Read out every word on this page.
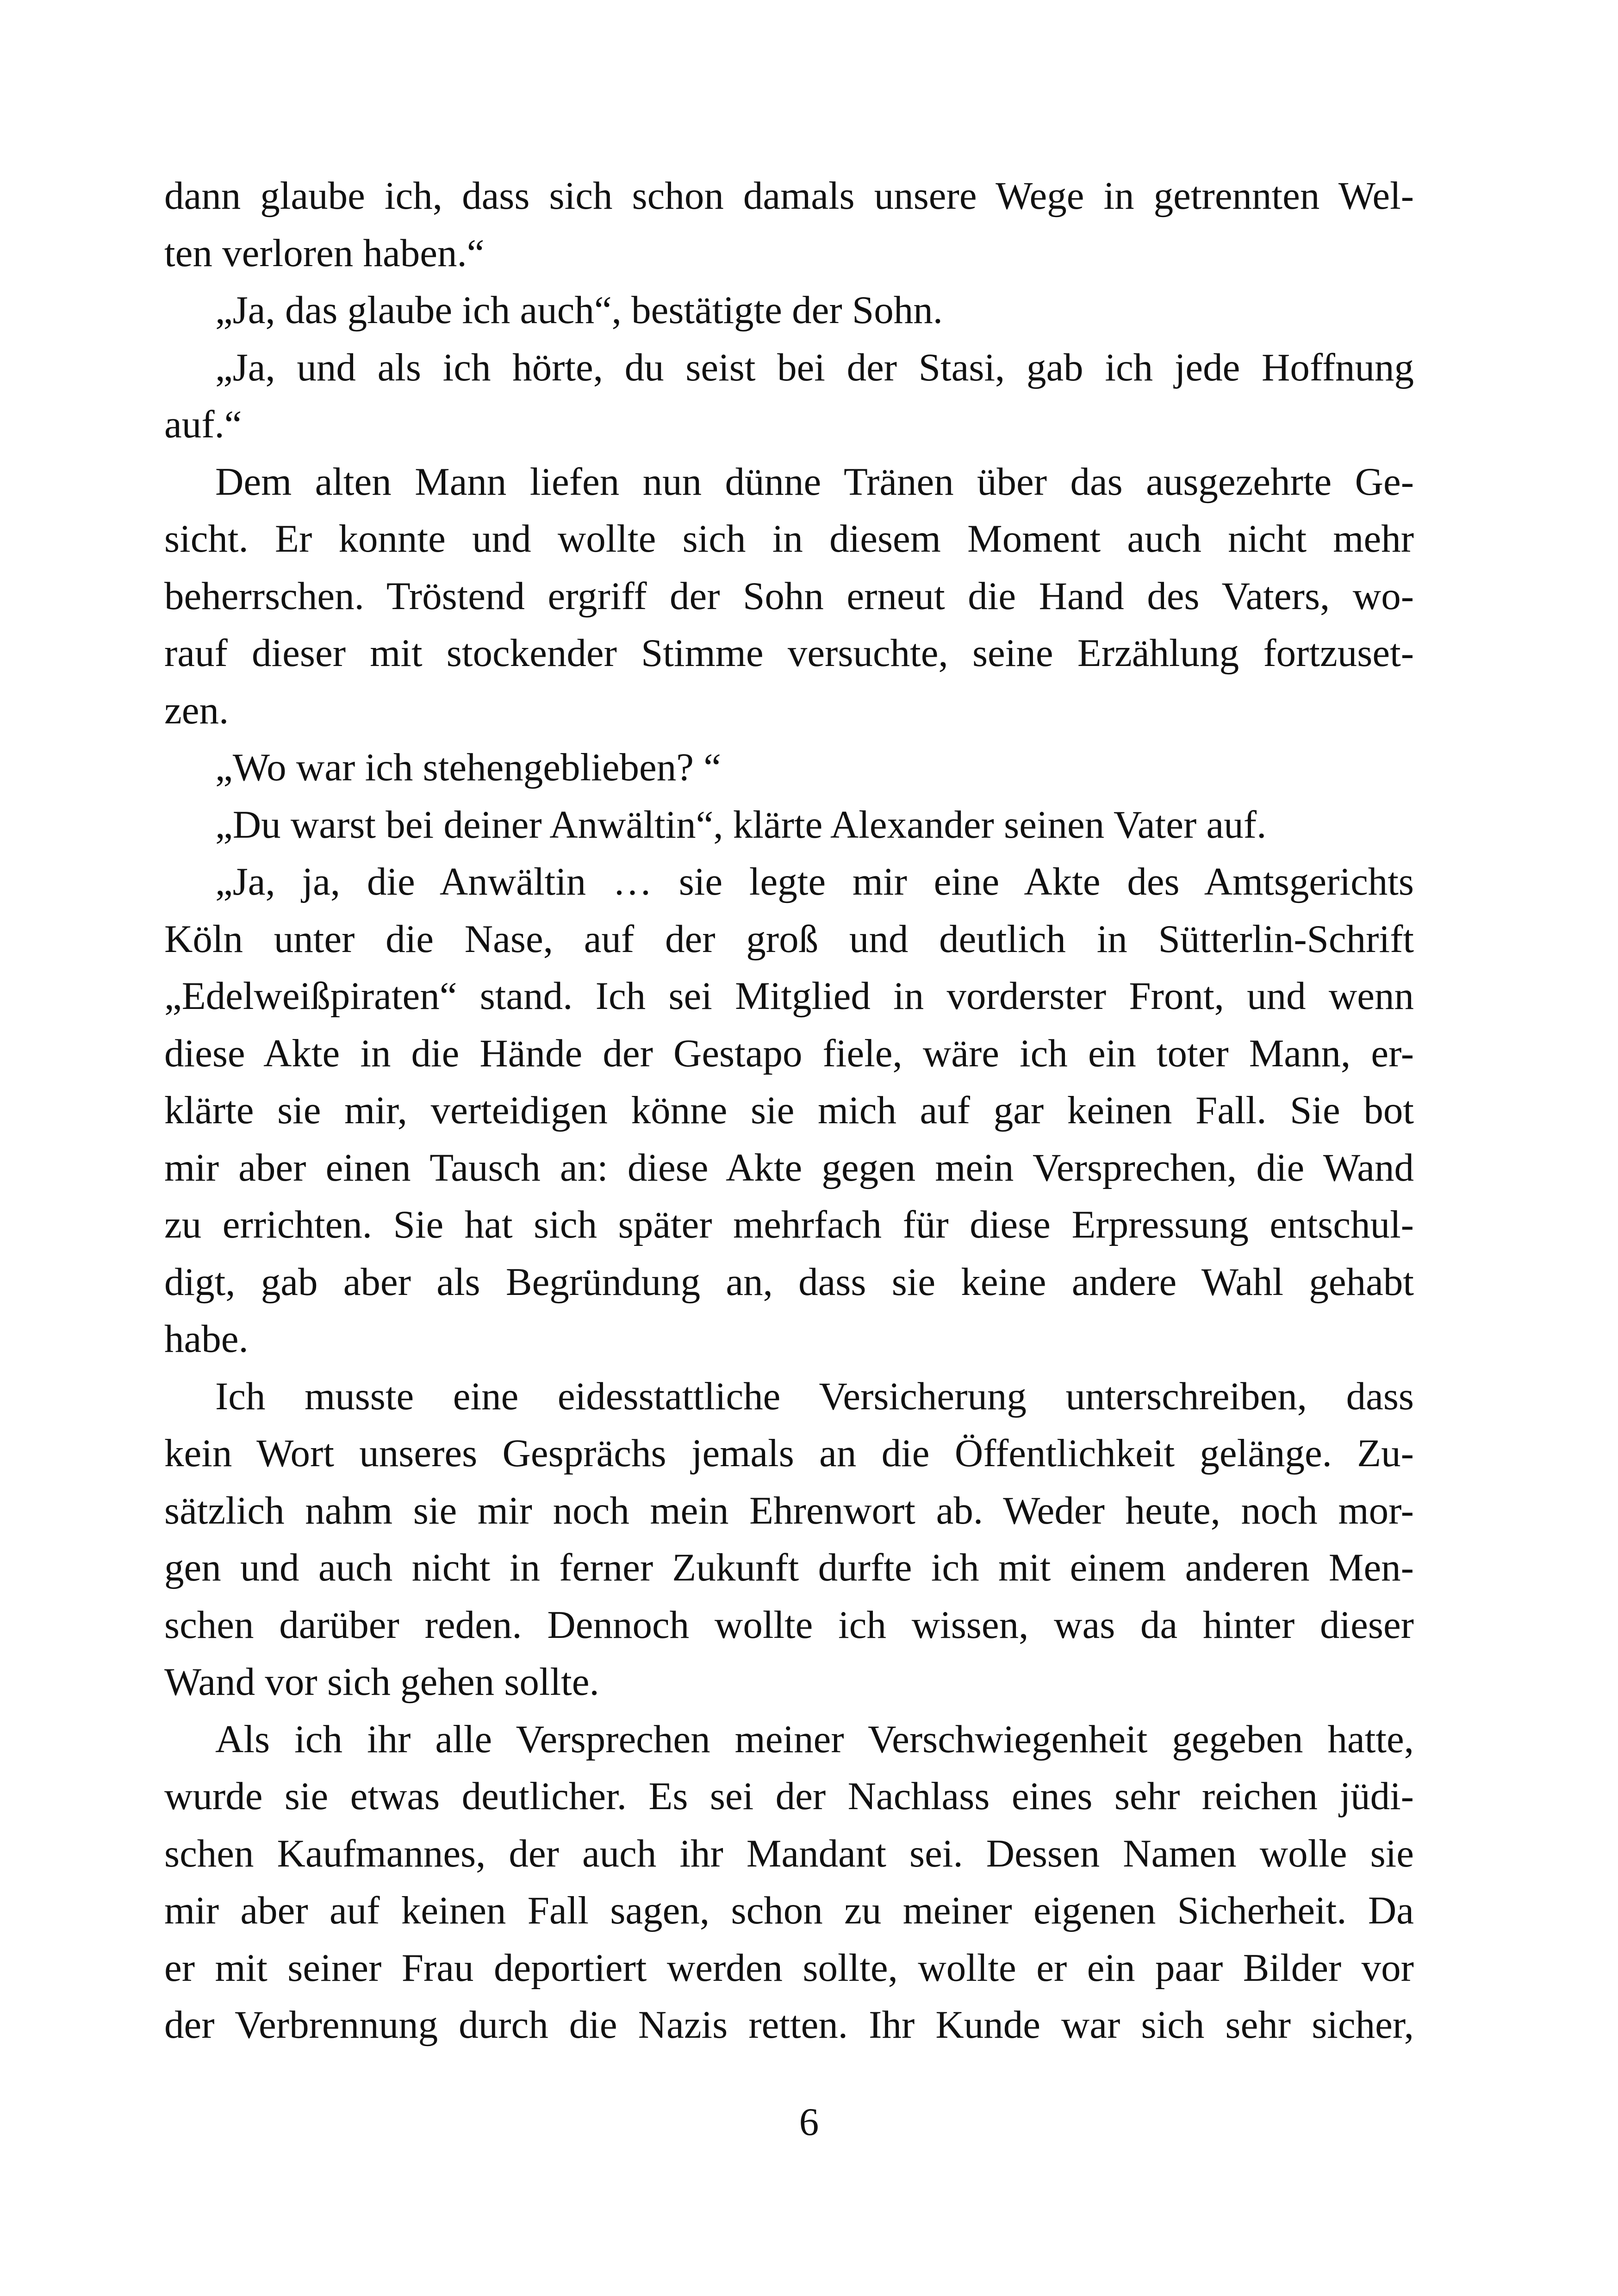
dann glaube ich, dass sich schon damals unsere Wege in getrennten Wel-
ten verloren haben.“
„Ja, das glaube ich auch“, bestätigte der Sohn.
„Ja, und als ich hörte, du seist bei der Stasi, gab ich jede Hoffnung
auf.“
Dem alten Mann liefen nun dünne Tränen über das ausgezehrte Ge-
sicht. Er konnte und wollte sich in diesem Moment auch nicht mehr
beherrschen. Tröstend ergriff der Sohn erneut die Hand des Vaters, wo-
rauf dieser mit stockender Stimme versuchte, seine Erzählung fortzuset-
zen.
„Wo war ich stehengeblieben? “
„Du warst bei deiner Anwältin“, klärte Alexander seinen Vater auf.
„Ja, ja, die Anwältin … sie legte mir eine Akte des Amtsgerichts
Köln unter die Nase, auf der groß und deutlich in Sütterlin-Schrift
„Edelweißpiraten“ stand. Ich sei Mitglied in vorderster Front, und wenn
diese Akte in die Hände der Gestapo fiele, wäre ich ein toter Mann, er-
klärte sie mir, verteidigen könne sie mich auf gar keinen Fall. Sie bot
mir aber einen Tausch an: diese Akte gegen mein Versprechen, die Wand
zu errichten. Sie hat sich später mehrfach für diese Erpressung entschul-
digt, gab aber als Begründung an, dass sie keine andere Wahl gehabt
habe.
Ich musste eine eidesstattliche Versicherung unterschreiben, dass
kein Wort unseres Gesprächs jemals an die Öffentlichkeit gelänge. Zu-
sätzlich nahm sie mir noch mein Ehrenwort ab. Weder heute, noch mor-
gen und auch nicht in ferner Zukunft durfte ich mit einem anderen Men-
schen darüber reden. Dennoch wollte ich wissen, was da hinter dieser
Wand vor sich gehen sollte.
Als ich ihr alle Versprechen meiner Verschwiegenheit gegeben hatte,
wurde sie etwas deutlicher. Es sei der Nachlass eines sehr reichen jüdi-
schen Kaufmannes, der auch ihr Mandant sei. Dessen Namen wolle sie
mir aber auf keinen Fall sagen, schon zu meiner eigenen Sicherheit. Da
er mit seiner Frau deportiert werden sollte, wollte er ein paar Bilder vor
der Verbrennung durch die Nazis retten. Ihr Kunde war sich sehr sicher,
6
